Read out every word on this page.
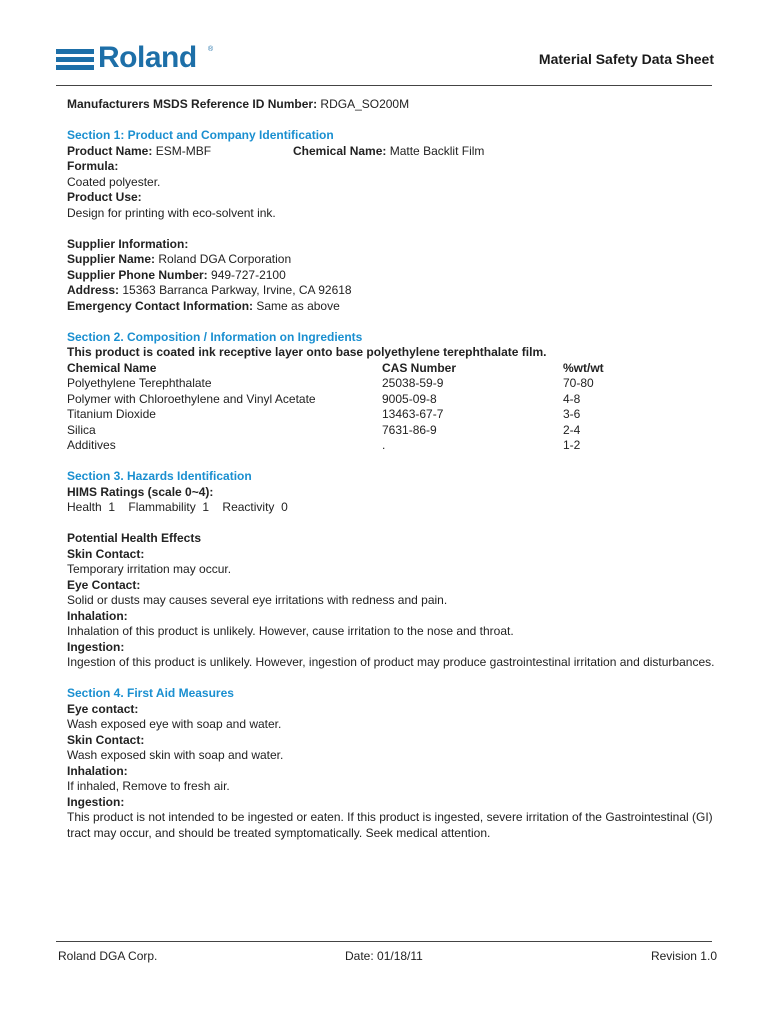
Roland ®
Material Safety Data Sheet
Manufacturers MSDS Reference ID Number: RDGA_SO200M
Section 1: Product and Company Identification
Product Name: ESM-MBF	Chemical Name: Matte Backlit Film
Formula:
Coated polyester.
Product Use:
Design for printing with eco-solvent ink.
Supplier Information:
Supplier Name: Roland DGA Corporation
Supplier Phone Number: 949-727-2100
Address: 15363 Barranca Parkway, Irvine, CA 92618
Emergency Contact Information: Same as above
Section 2. Composition / Information on Ingredients
This product is coated ink receptive layer onto base polyethylene terephthalate film.
Chemical Name	CAS Number	%wt/wt
Polyethylene Terephthalate	25038-59-9	70-80
Polymer with Chloroethylene and Vinyl Acetate	9005-09-8	4-8
Titanium Dioxide	13463-67-7	3-6
Silica	7631-86-9	2-4
Additives	.	1-2
Section 3. Hazards Identification
HIMS Ratings (scale 0~4):
Health  1 Flammability  1 Reactivity  0
Potential Health Effects
Skin Contact:
Temporary irritation may occur.
Eye Contact:
Solid or dusts may causes several eye irritations with redness and pain.
Inhalation:
Inhalation of this product is unlikely. However, cause irritation to the nose and throat.
Ingestion:
Ingestion of this product is unlikely. However, ingestion of product may produce gastrointestinal irritation and disturbances.
Section 4. First Aid Measures
Eye contact:
Wash exposed eye with soap and water.
Skin Contact:
Wash exposed skin with soap and water.
Inhalation:
If inhaled, Remove to fresh air.
Ingestion:
This product is not intended to be ingested or eaten. If this product is ingested, severe irritation of the Gastrointestinal (GI) tract may occur, and should be treated symptomatically. Seek medical attention.
Roland DGA Corp.	Date: 01/18/11	Revision 1.0
